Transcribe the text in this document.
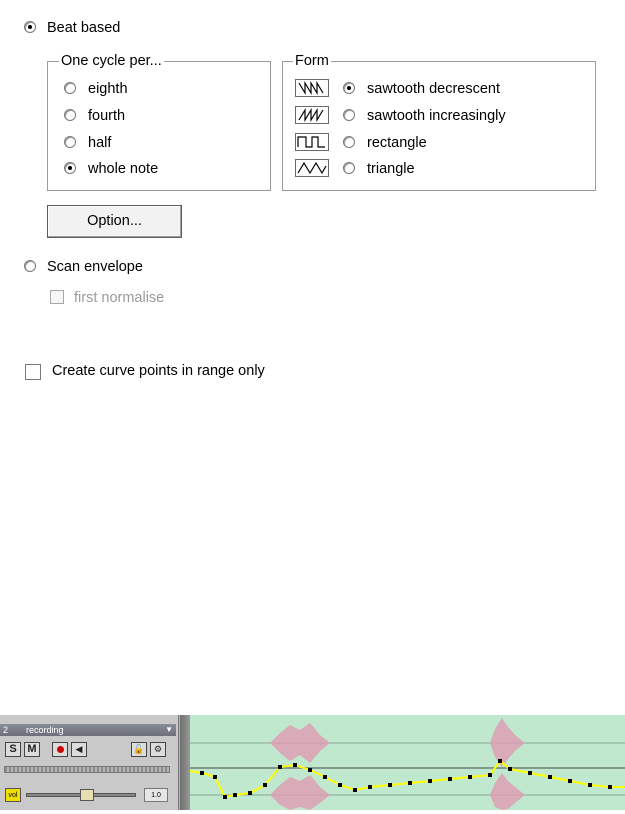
Beat based
One cycle per...
eighth
fourth
half
whole note
Form
sawtooth decrescent
sawtooth increasingly
rectangle
triangle
Option...
Scan envelope
first normalise
Create curve points in range only
2 recording	▼
S M	◀	🔓	⚙
vol	1.0
